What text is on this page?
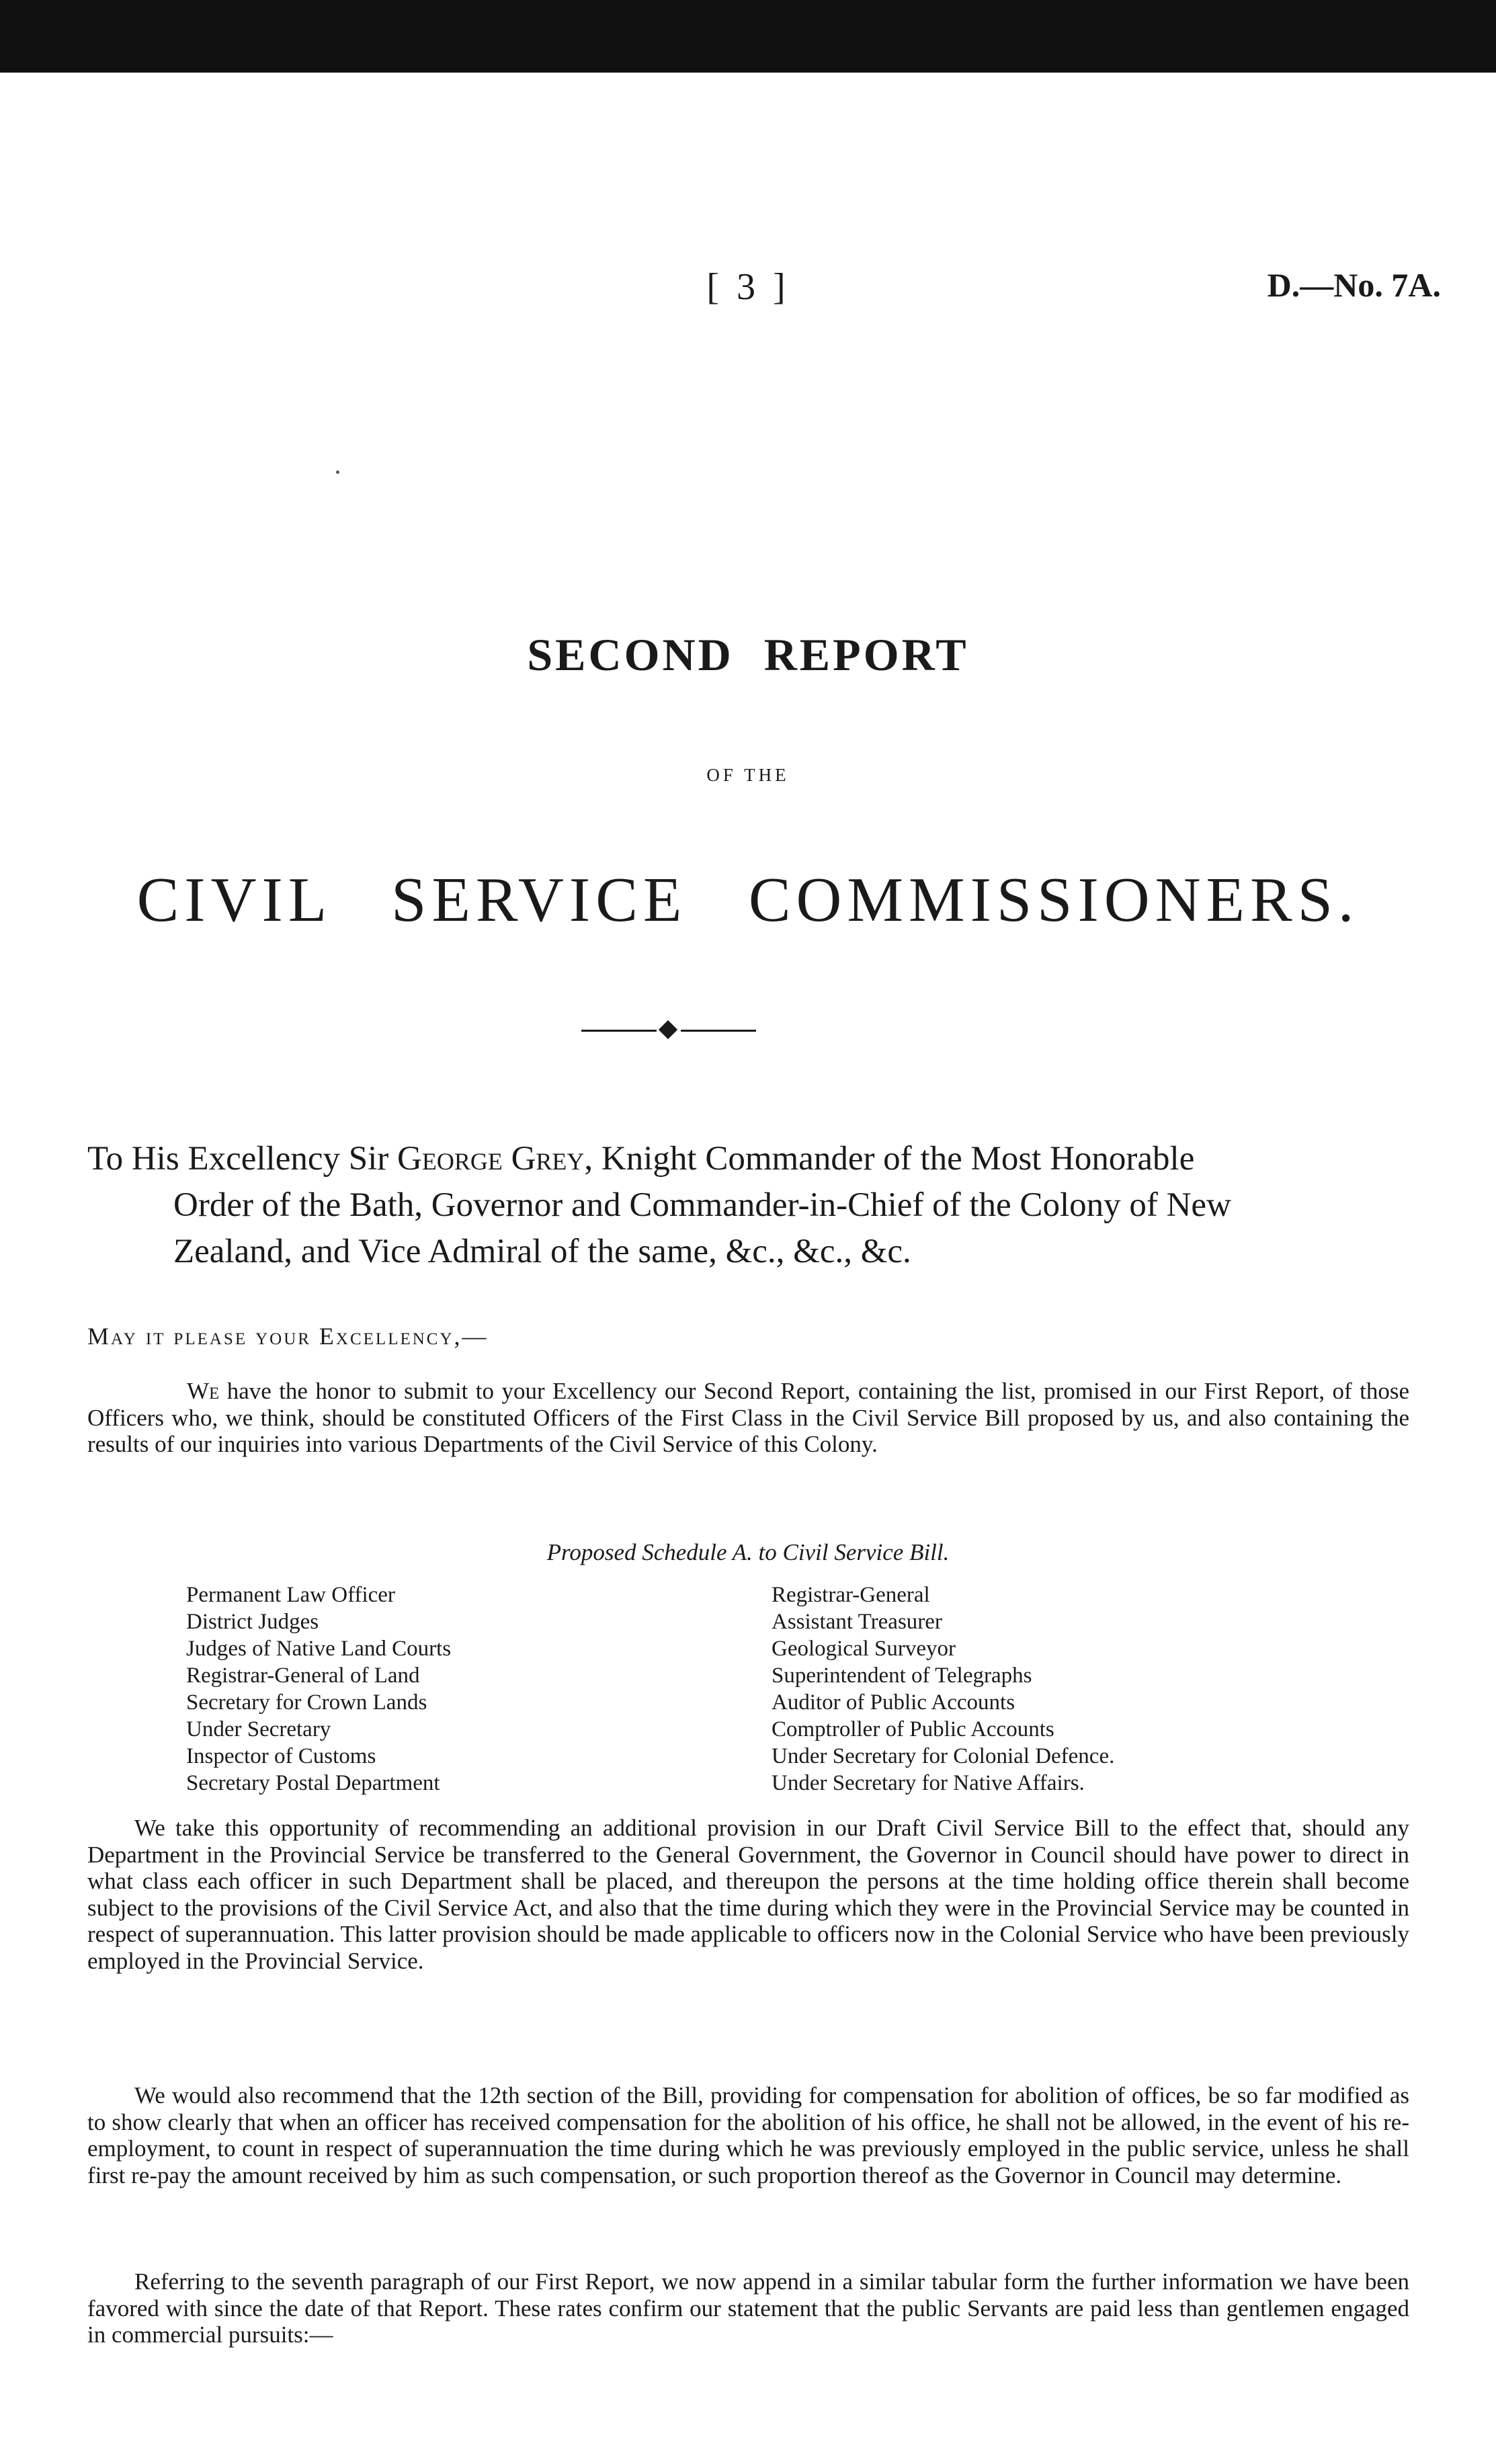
[ 3 ]	D.—No. 7A.
SECOND REPORT
OF THE
CIVIL SERVICE COMMISSIONERS.

To His Excellency Sir George Grey, Knight Commander of the Most Honorable Order of the Bath, Governor and Commander-in-Chief of the Colony of New Zealand, and Vice Admiral of the same, &c., &c., &c.

May it please your Excellency,—

We have the honor to submit to your Excellency our Second Report, containing the list, promised in our First Report, of those Officers who, we think, should be constituted Officers of the First Class in the Civil Service Bill proposed by us, and also containing the results of our inquiries into various Departments of the Civil Service of this Colony.

Proposed Schedule A. to Civil Service Bill.
Permanent Law Officer
District Judges
Judges of Native Land Courts
Registrar-General of Land
Secretary for Crown Lands
Under Secretary
Inspector of Customs
Secretary Postal Department
Registrar-General
Assistant Treasurer
Geological Surveyor
Superintendent of Telegraphs
Auditor of Public Accounts
Comptroller of Public Accounts
Under Secretary for Colonial Defence.
Under Secretary for Native Affairs.

We take this opportunity of recommending an additional provision in our Draft Civil Service Bill to the effect that, should any Department in the Provincial Service be transferred to the General Government, the Governor in Council should have power to direct in what class each officer in such Department shall be placed, and thereupon the persons at the time holding office therein shall become subject to the provisions of the Civil Service Act, and also that the time during which they were in the Provincial Service may be counted in respect of superannuation. This latter provision should be made applicable to officers now in the Colonial Service who have been previously employed in the Provincial Service.

We would also recommend that the 12th section of the Bill, providing for compensation for abolition of offices, be so far modified as to show clearly that when an officer has received compensation for the abolition of his office, he shall not be allowed, in the event of his re-employment, to count in respect of superannuation the time during which he was previously employed in the public service, unless he shall first re-pay the amount received by him as such compensation, or such proportion thereof as the Governor in Council may determine.

Referring to the seventh paragraph of our First Report, we now append in a similar tabular form the further information we have been favored with since the date of that Report. These rates confirm our statement that the public Servants are paid less than gentlemen engaged in commercial pursuits:—
